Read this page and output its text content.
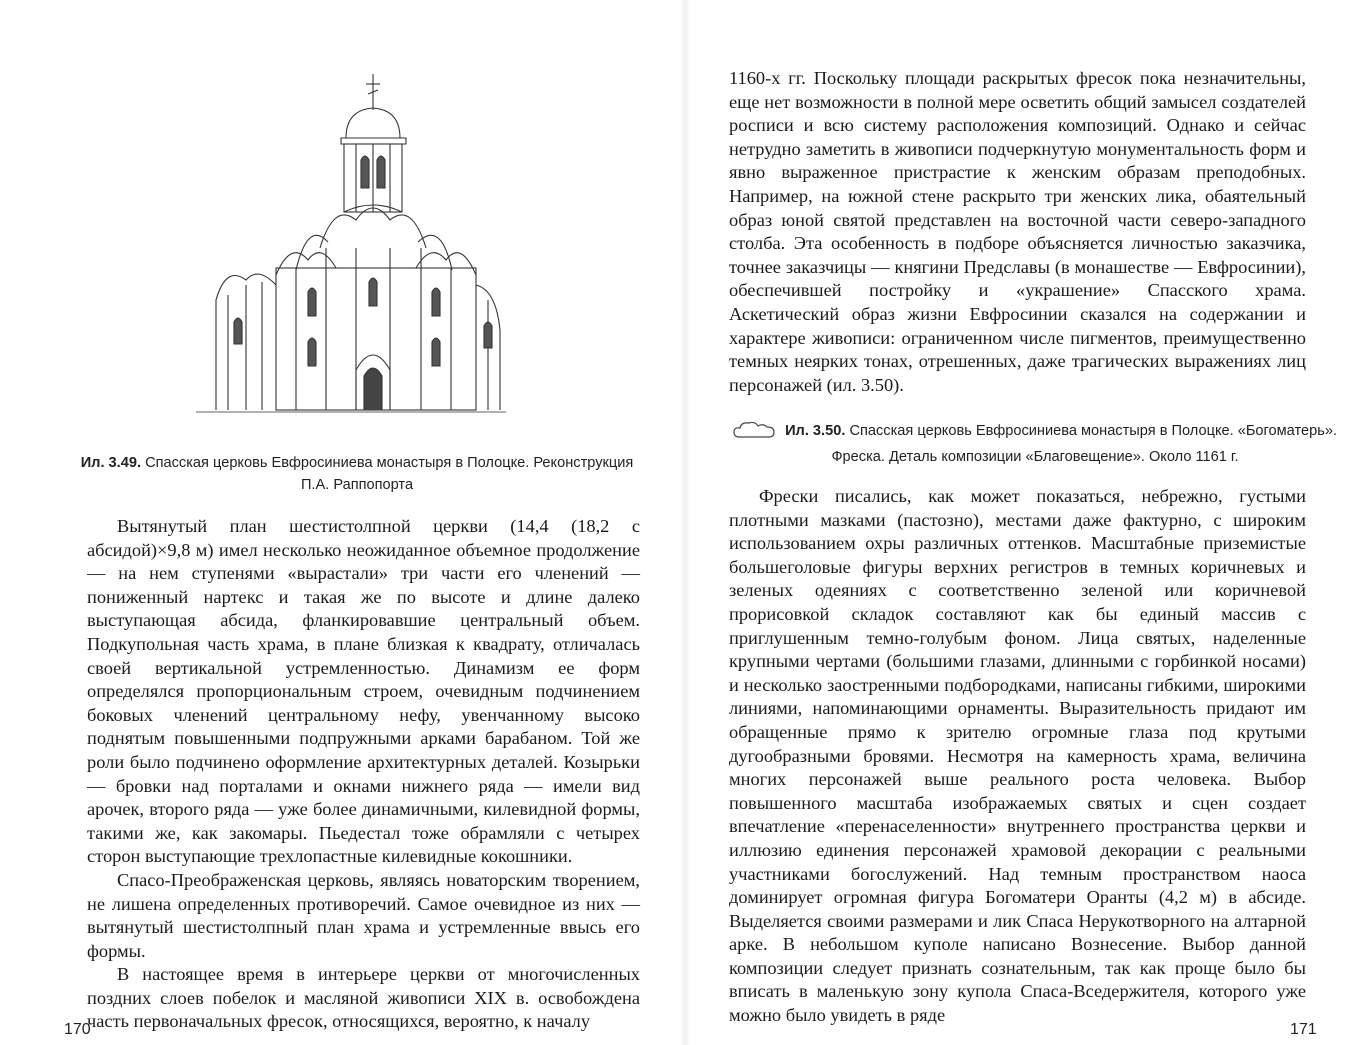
Ил. 3.49. Спасская церковь Евфросиниева монастыря в Полоцке. Реконструкция П.А. Раппопорта

Вытянутый план шестистолпной церкви (14,4 (18,2 с абсидой)×9,8 м) имел несколько неожиданное объемное продолжение — на нем ступенями «вырастали» три части его членений — пониженный нартекс и такая же по высоте и длине далеко выступающая абсида, фланкировавшие центральный объем. Подкупольная часть храма, в плане близкая к квадрату, отличалась своей вертикальной устремленностью. Динамизм ее форм определялся пропорциональным строем, очевидным подчинением боковых членений центральному нефу, увенчанному высоко поднятым повышенными подпружными арками барабаном. Той же роли было подчинено оформление архитектурных деталей. Козырьки — бровки над порталами и окнами нижнего ряда — имели вид арочек, второго ряда — уже более динамичными, килевидной формы, такими же, как закомары. Пьедестал тоже обрамляли с четырех сторон выступающие трехлопастные килевидные кокошники.

Спасо-Преображенская церковь, являясь новаторским творением, не лишена определенных противоречий. Самое очевидное из них — вытянутый шестистолпный план храма и устремленные ввысь его формы.

В настоящее время в интерьере церкви от многочисленных поздних слоев побелок и масляной живописи XIX в. освобождена часть первоначальных фресок, относящихся, вероятно, к началу

170

1160-х гг. Поскольку площади раскрытых фресок пока незначительны, еще нет возможности в полной мере осветить общий замысел создателей росписи и всю систему расположения композиций. Однако и сейчас нетрудно заметить в живописи подчеркнутую монументальность форм и явно выраженное пристрастие к женским образам преподобных. Например, на южной стене раскрыто три женских лика, обаятельный образ юной святой представлен на восточной части северо-западного столба. Эта особенность в подборе объясняется личностью заказчика, точнее заказчицы — княгини Предславы (в монашестве — Евфросинии), обеспечившей постройку и «украшение» Спасского храма. Аскетический образ жизни Евфросинии сказался на содержании и характере живописи: ограниченном числе пигментов, преимущественно темных неярких тонах, отрешенных, даже трагических выражениях лиц персонажей (ил. 3.50).

Ил. 3.50. Спасская церковь Евфросиниева монастыря в Полоцке. «Богоматерь». Фреска. Деталь композиции «Благовещение». Около 1161 г.

Фрески писались, как может показаться, небрежно, густыми плотными мазками (пастозно), местами даже фактурно, с широким использованием охры различных оттенков. Масштабные приземистые большеголовые фигуры верхних регистров в темных коричневых и зеленых одеяниях с соответственно зеленой или коричневой прорисовкой складок составляют как бы единый массив с приглушенным темно-голубым фоном. Лица святых, наделенные крупными чертами (большими глазами, длинными с горбинкой носами) и несколько заостренными подбородками, написаны гибкими, широкими линиями, напоминающими орнаменты. Выразительность придают им обращенные прямо к зрителю огромные глаза под крутыми дугообразными бровями. Несмотря на камерность храма, величина многих персонажей выше реального роста человека. Выбор повышенного масштаба изображаемых святых и сцен создает впечатление «перенаселенности» внутреннего пространства церкви и иллюзию единения персонажей храмовой декорации с реальными участниками богослужений. Над темным пространством наоса доминирует огромная фигура Богоматери Оранты (4,2 м) в абсиде. Выделяется своими размерами и лик Спаса Нерукотворного на алтарной арке. В небольшом куполе написано Вознесение. Выбор данной композиции следует признать сознательным, так как проще было бы вписать в маленькую зону купола Спаса-Вседержителя, которого уже можно было увидеть в ряде

171
